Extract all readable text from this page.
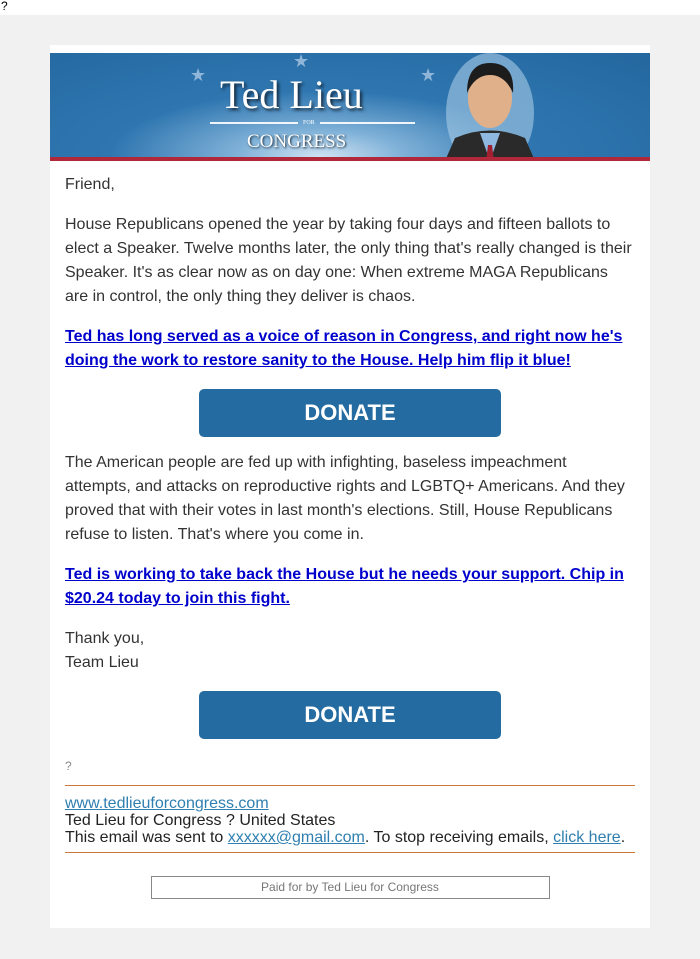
?
★
★
★
Ted Lieu
FOR
CONGRESS

Friend,

House Republicans opened the year by taking four days and fifteen ballots to elect a Speaker. Twelve months later, the only thing that's really changed is their Speaker. It's as clear now as on day one: When extreme MAGA Republicans are in control, the only thing they deliver is chaos.

Ted has long served as a voice of reason in Congress, and right now he's doing the work to restore sanity to the House. Help him flip it blue!

DONATE

The American people are fed up with infighting, baseless impeachment attempts, and attacks on reproductive rights and LGBTQ+ Americans. And they proved that with their votes in last month's elections. Still, House Republicans refuse to listen. That's where you come in.

Ted is working to take back the House but he needs your support. Chip in $20.24 today to join this fight.

Thank you,
Team Lieu

DONATE
?
www.tedlieuforcongress.com
Ted Lieu for Congress ? United States
This email was sent to xxxxxx@gmail.com. To stop receiving emails, click here.
Paid for by Ted Lieu for Congress
